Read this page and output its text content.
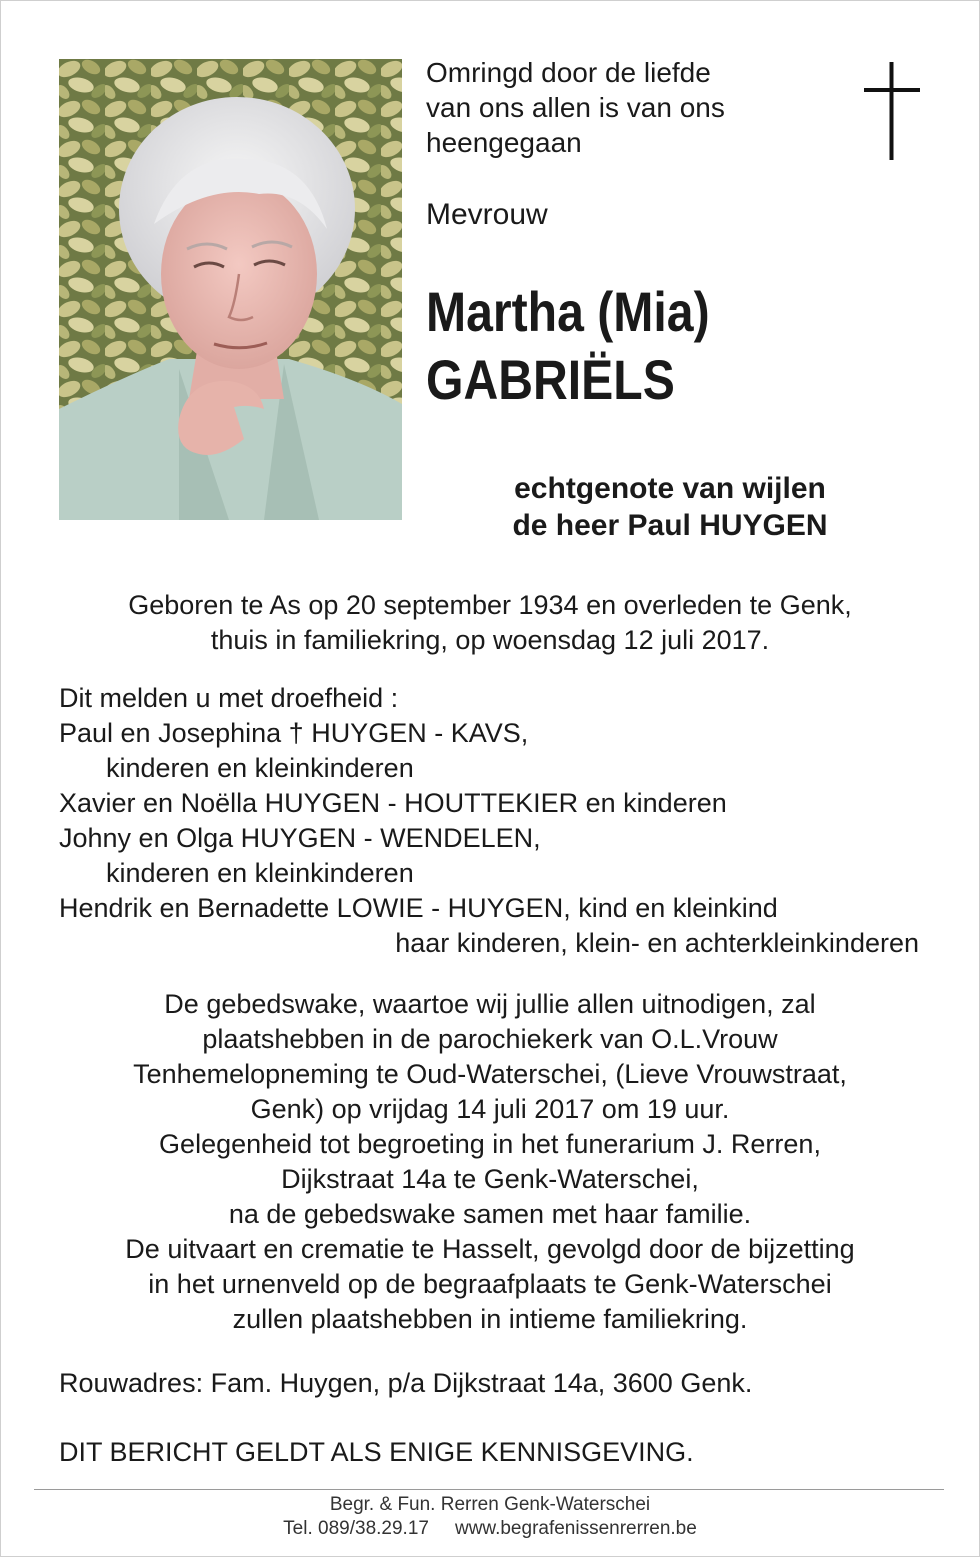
Omringd door de liefde
van ons allen is van ons
heengegaan
Mevrouw
Martha (Mia)
GABRIËLS
echtgenote van wijlen
de heer Paul HUYGEN
Geboren te As op 20 september 1934 en overleden te Genk,
thuis in familiekring, op woensdag 12 juli 2017.
Dit melden u met droefheid :
Paul en Josephina † HUYGEN - KAVS,
kinderen en kleinkinderen
Xavier en Noëlla HUYGEN - HOUTTEKIER en kinderen
Johny en Olga HUYGEN - WENDELEN,
kinderen en kleinkinderen
Hendrik en Bernadette LOWIE - HUYGEN, kind en kleinkind
haar kinderen, klein- en achterkleinkinderen
De gebedswake, waartoe wij jullie allen uitnodigen, zal
plaatshebben in de parochiekerk van O.L.Vrouw
Tenhemelopneming te Oud-Waterschei, (Lieve Vrouwstraat,
Genk) op vrijdag 14 juli 2017 om 19 uur.
Gelegenheid tot begroeting in het funerarium J. Rerren,
Dijkstraat 14a te Genk-Waterschei,
na de gebedswake samen met haar familie.
De uitvaart en crematie te Hasselt, gevolgd door de bijzetting
in het urnenveld op de begraafplaats te Genk-Waterschei
zullen plaatshebben in intieme familiekring.
Rouwadres: Fam. Huygen, p/a Dijkstraat 14a, 3600 Genk.
DIT BERICHT GELDT ALS ENIGE KENNISGEVING.
Begr. & Fun. Rerren Genk-Waterschei
Tel. 089/38.29.17 www.begrafenissenrerren.be
